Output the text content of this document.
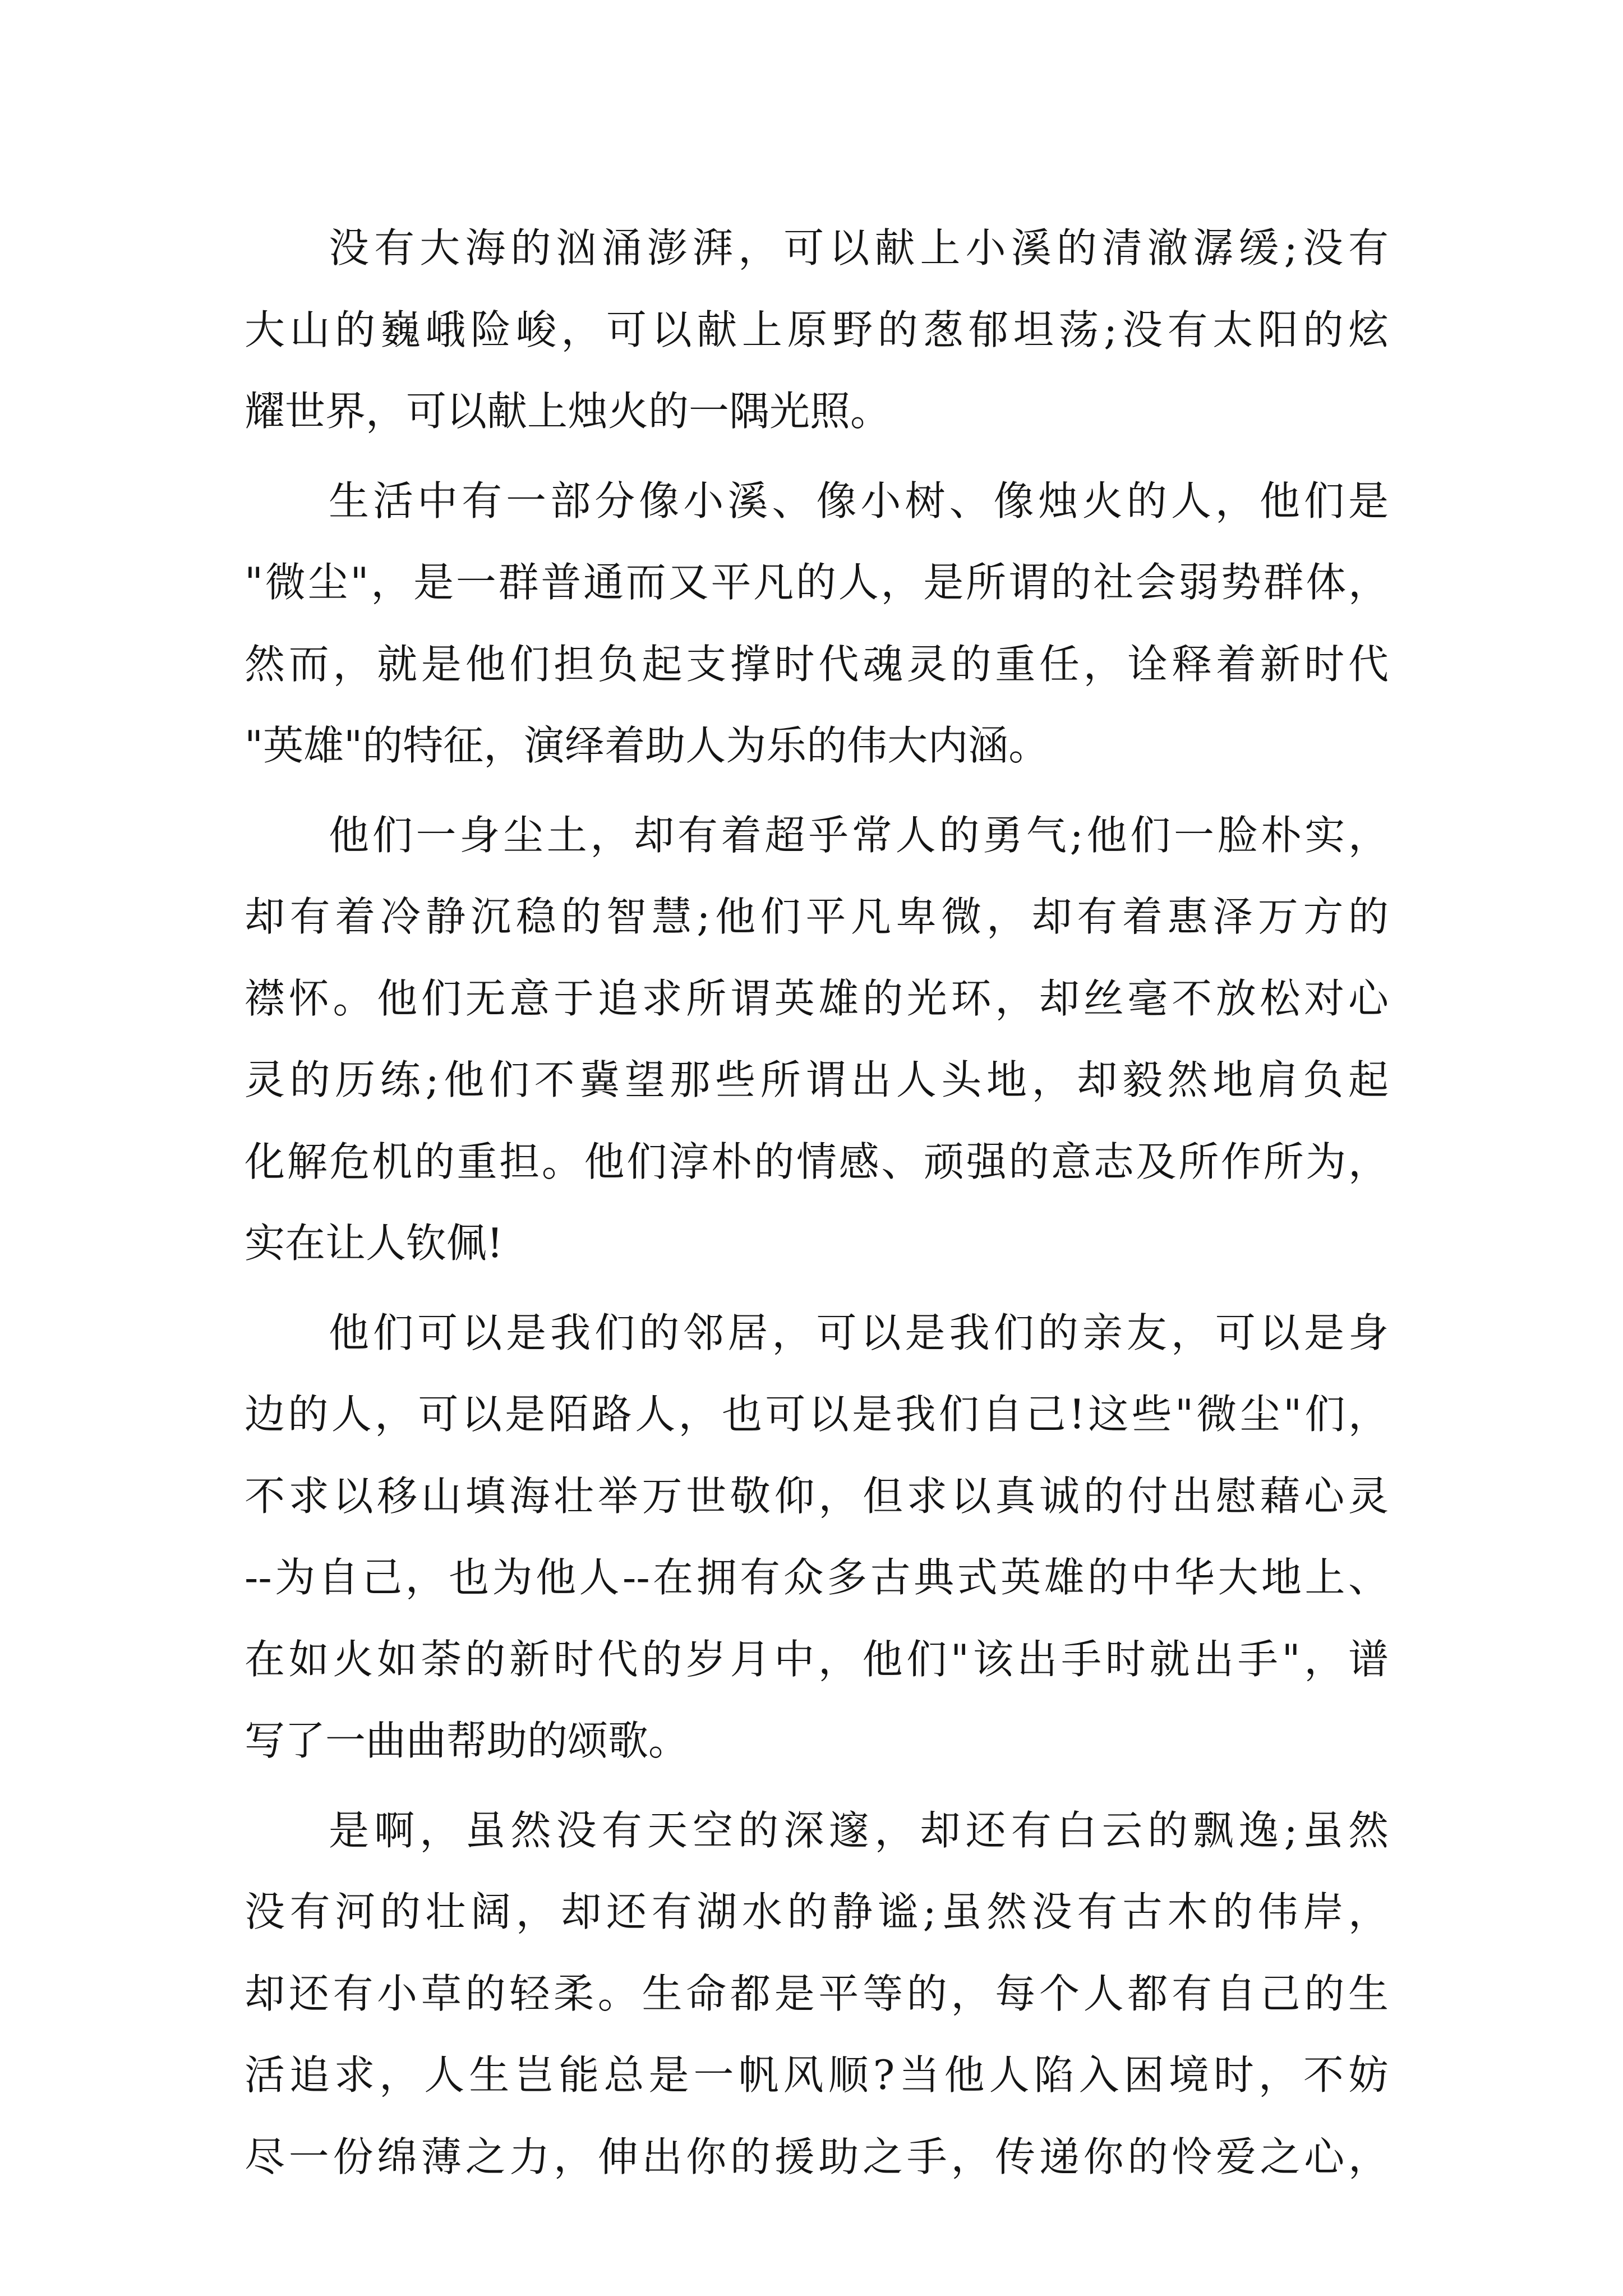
没有大海的汹涌澎湃，可以献上小溪的清澈潺缓;没有
大山的巍峨险峻，可以献上原野的葱郁坦荡;没有太阳的炫
耀世界，可以献上烛火的一隅光照。
生活中有一部分像小溪、像小树、像烛火的人，他们是
"微尘"，是一群普通而又平凡的人，是所谓的社会弱势群体，
然而，就是他们担负起支撑时代魂灵的重任，诠释着新时代
"英雄"的特征，演绎着助人为乐的伟大内涵。
他们一身尘土，却有着超乎常人的勇气;他们一脸朴实，
却有着冷静沉稳的智慧;他们平凡卑微，却有着惠泽万方的
襟怀。他们无意于追求所谓英雄的光环，却丝毫不放松对心
灵的历练;他们不冀望那些所谓出人头地，却毅然地肩负起
化解危机的重担。他们淳朴的情感、顽强的意志及所作所为，
实在让人钦佩!
他们可以是我们的邻居，可以是我们的亲友，可以是身
边的人，可以是陌路人，也可以是我们自己!这些"微尘"们，
不求以移山填海壮举万世敬仰，但求以真诚的付出慰藉心灵
--为自己，也为他人--在拥有众多古典式英雄的中华大地上、
在如火如荼的新时代的岁月中，他们"该出手时就出手"，谱
写了一曲曲帮助的颂歌。
是啊，虽然没有天空的深邃，却还有白云的飘逸;虽然
没有河的壮阔，却还有湖水的静谧;虽然没有古木的伟岸，
却还有小草的轻柔。生命都是平等的，每个人都有自己的生
活追求，人生岂能总是一帆风顺?当他人陷入困境时，不妨
尽一份绵薄之力，伸出你的援助之手，传递你的怜爱之心，
